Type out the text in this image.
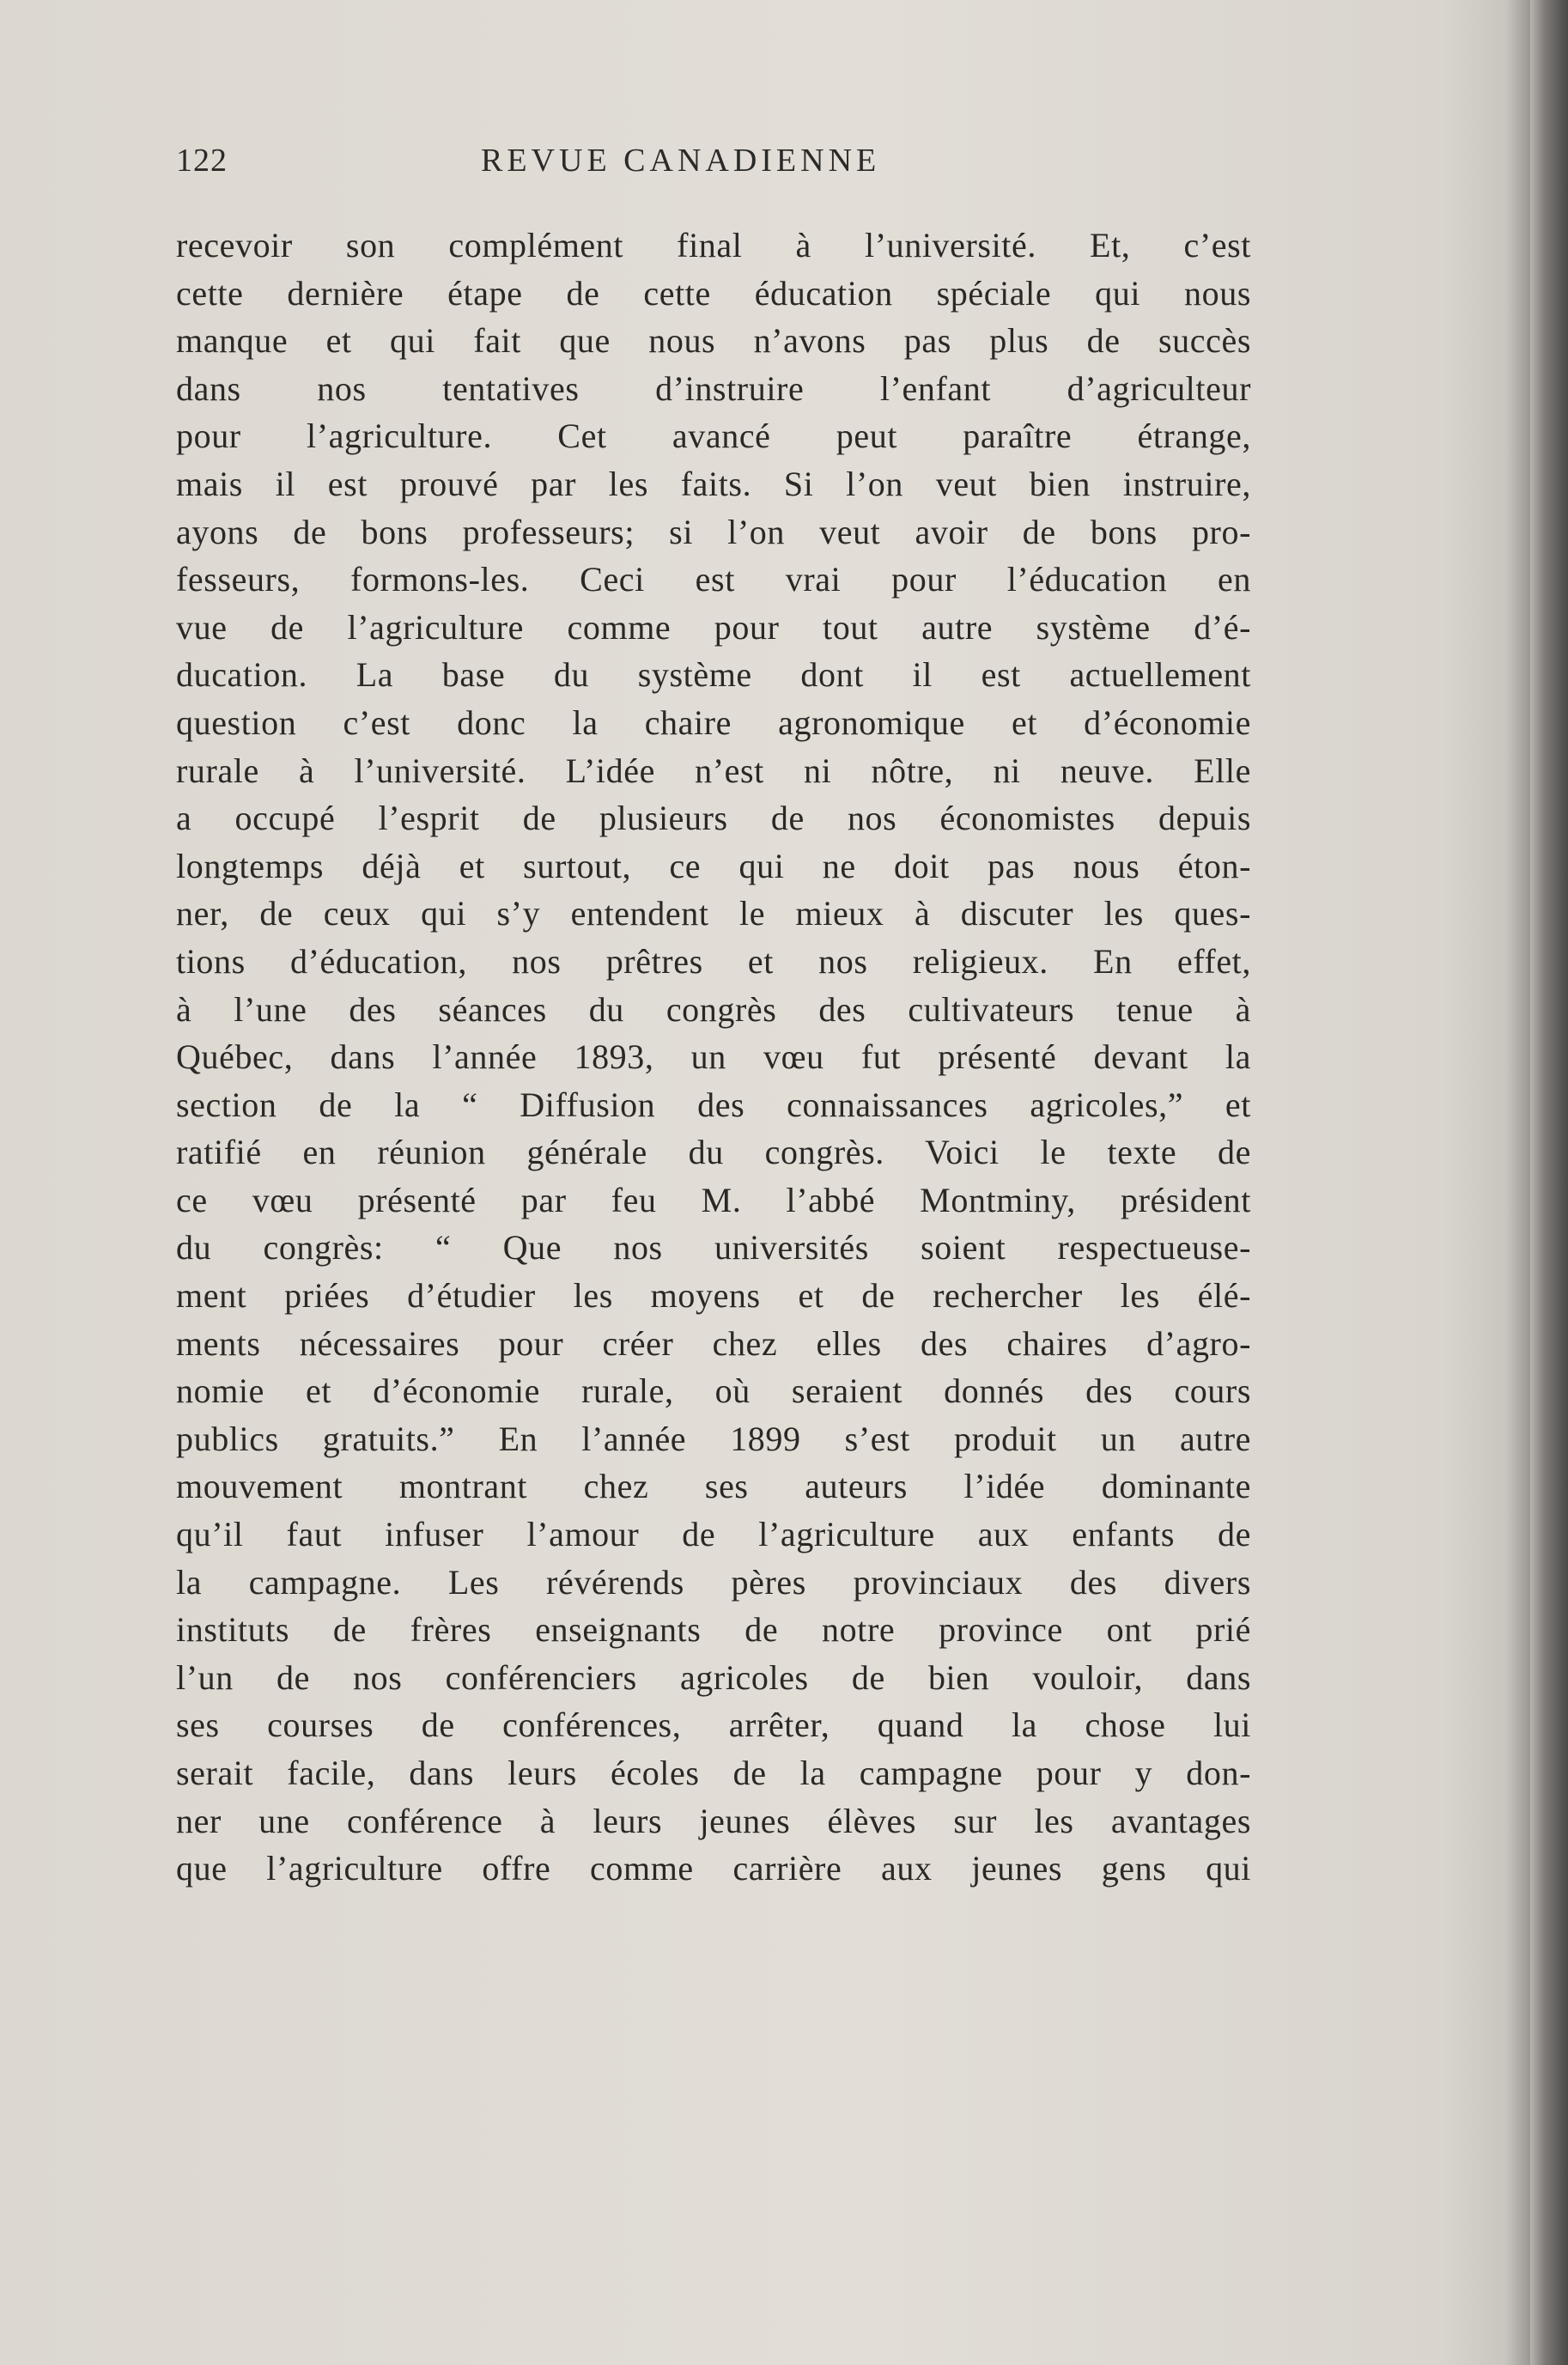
122	REVUE CANADIENNE
recevoir son complément final à l’université. Et, c’est
cette dernière étape de cette éducation spéciale qui nous
manque et qui fait que nous n’avons pas plus de succès
dans nos tentatives d’instruire l’enfant d’agriculteur
pour l’agriculture. Cet avancé peut paraître étrange,
mais il est prouvé par les faits. Si l’on veut bien instruire,
ayons de bons professeurs; si l’on veut avoir de bons pro-
fesseurs, formons-les. Ceci est vrai pour l’éducation en
vue de l’agriculture comme pour tout autre système d’é-
ducation. La base du système dont il est actuellement
question c’est donc la chaire agronomique et d’économie
rurale à l’université. L’idée n’est ni nôtre, ni neuve. Elle
a occupé l’esprit de plusieurs de nos économistes depuis
longtemps déjà et surtout, ce qui ne doit pas nous éton-
ner, de ceux qui s’y entendent le mieux à discuter les ques-
tions d’éducation, nos prêtres et nos religieux. En effet,
à l’une des séances du congrès des cultivateurs tenue à
Québec, dans l’année 1893, un vœu fut présenté devant la
section de la “ Diffusion des connaissances agricoles,” et
ratifié en réunion générale du congrès. Voici le texte de
ce vœu présenté par feu M. l’abbé Montminy, président
du congrès: “ Que nos universités soient respectueuse-
ment priées d’étudier les moyens et de rechercher les élé-
ments nécessaires pour créer chez elles des chaires d’agro-
nomie et d’économie rurale, où seraient donnés des cours
publics gratuits.” En l’année 1899 s’est produit un autre
mouvement montrant chez ses auteurs l’idée dominante
qu’il faut infuser l’amour de l’agriculture aux enfants de
la campagne. Les révérends pères provinciaux des divers
instituts de frères enseignants de notre province ont prié
l’un de nos conférenciers agricoles de bien vouloir, dans
ses courses de conférences, arrêter, quand la chose lui
serait facile, dans leurs écoles de la campagne pour y don-
ner une conférence à leurs jeunes élèves sur les avantages
que l’agriculture offre comme carrière aux jeunes gens qui
